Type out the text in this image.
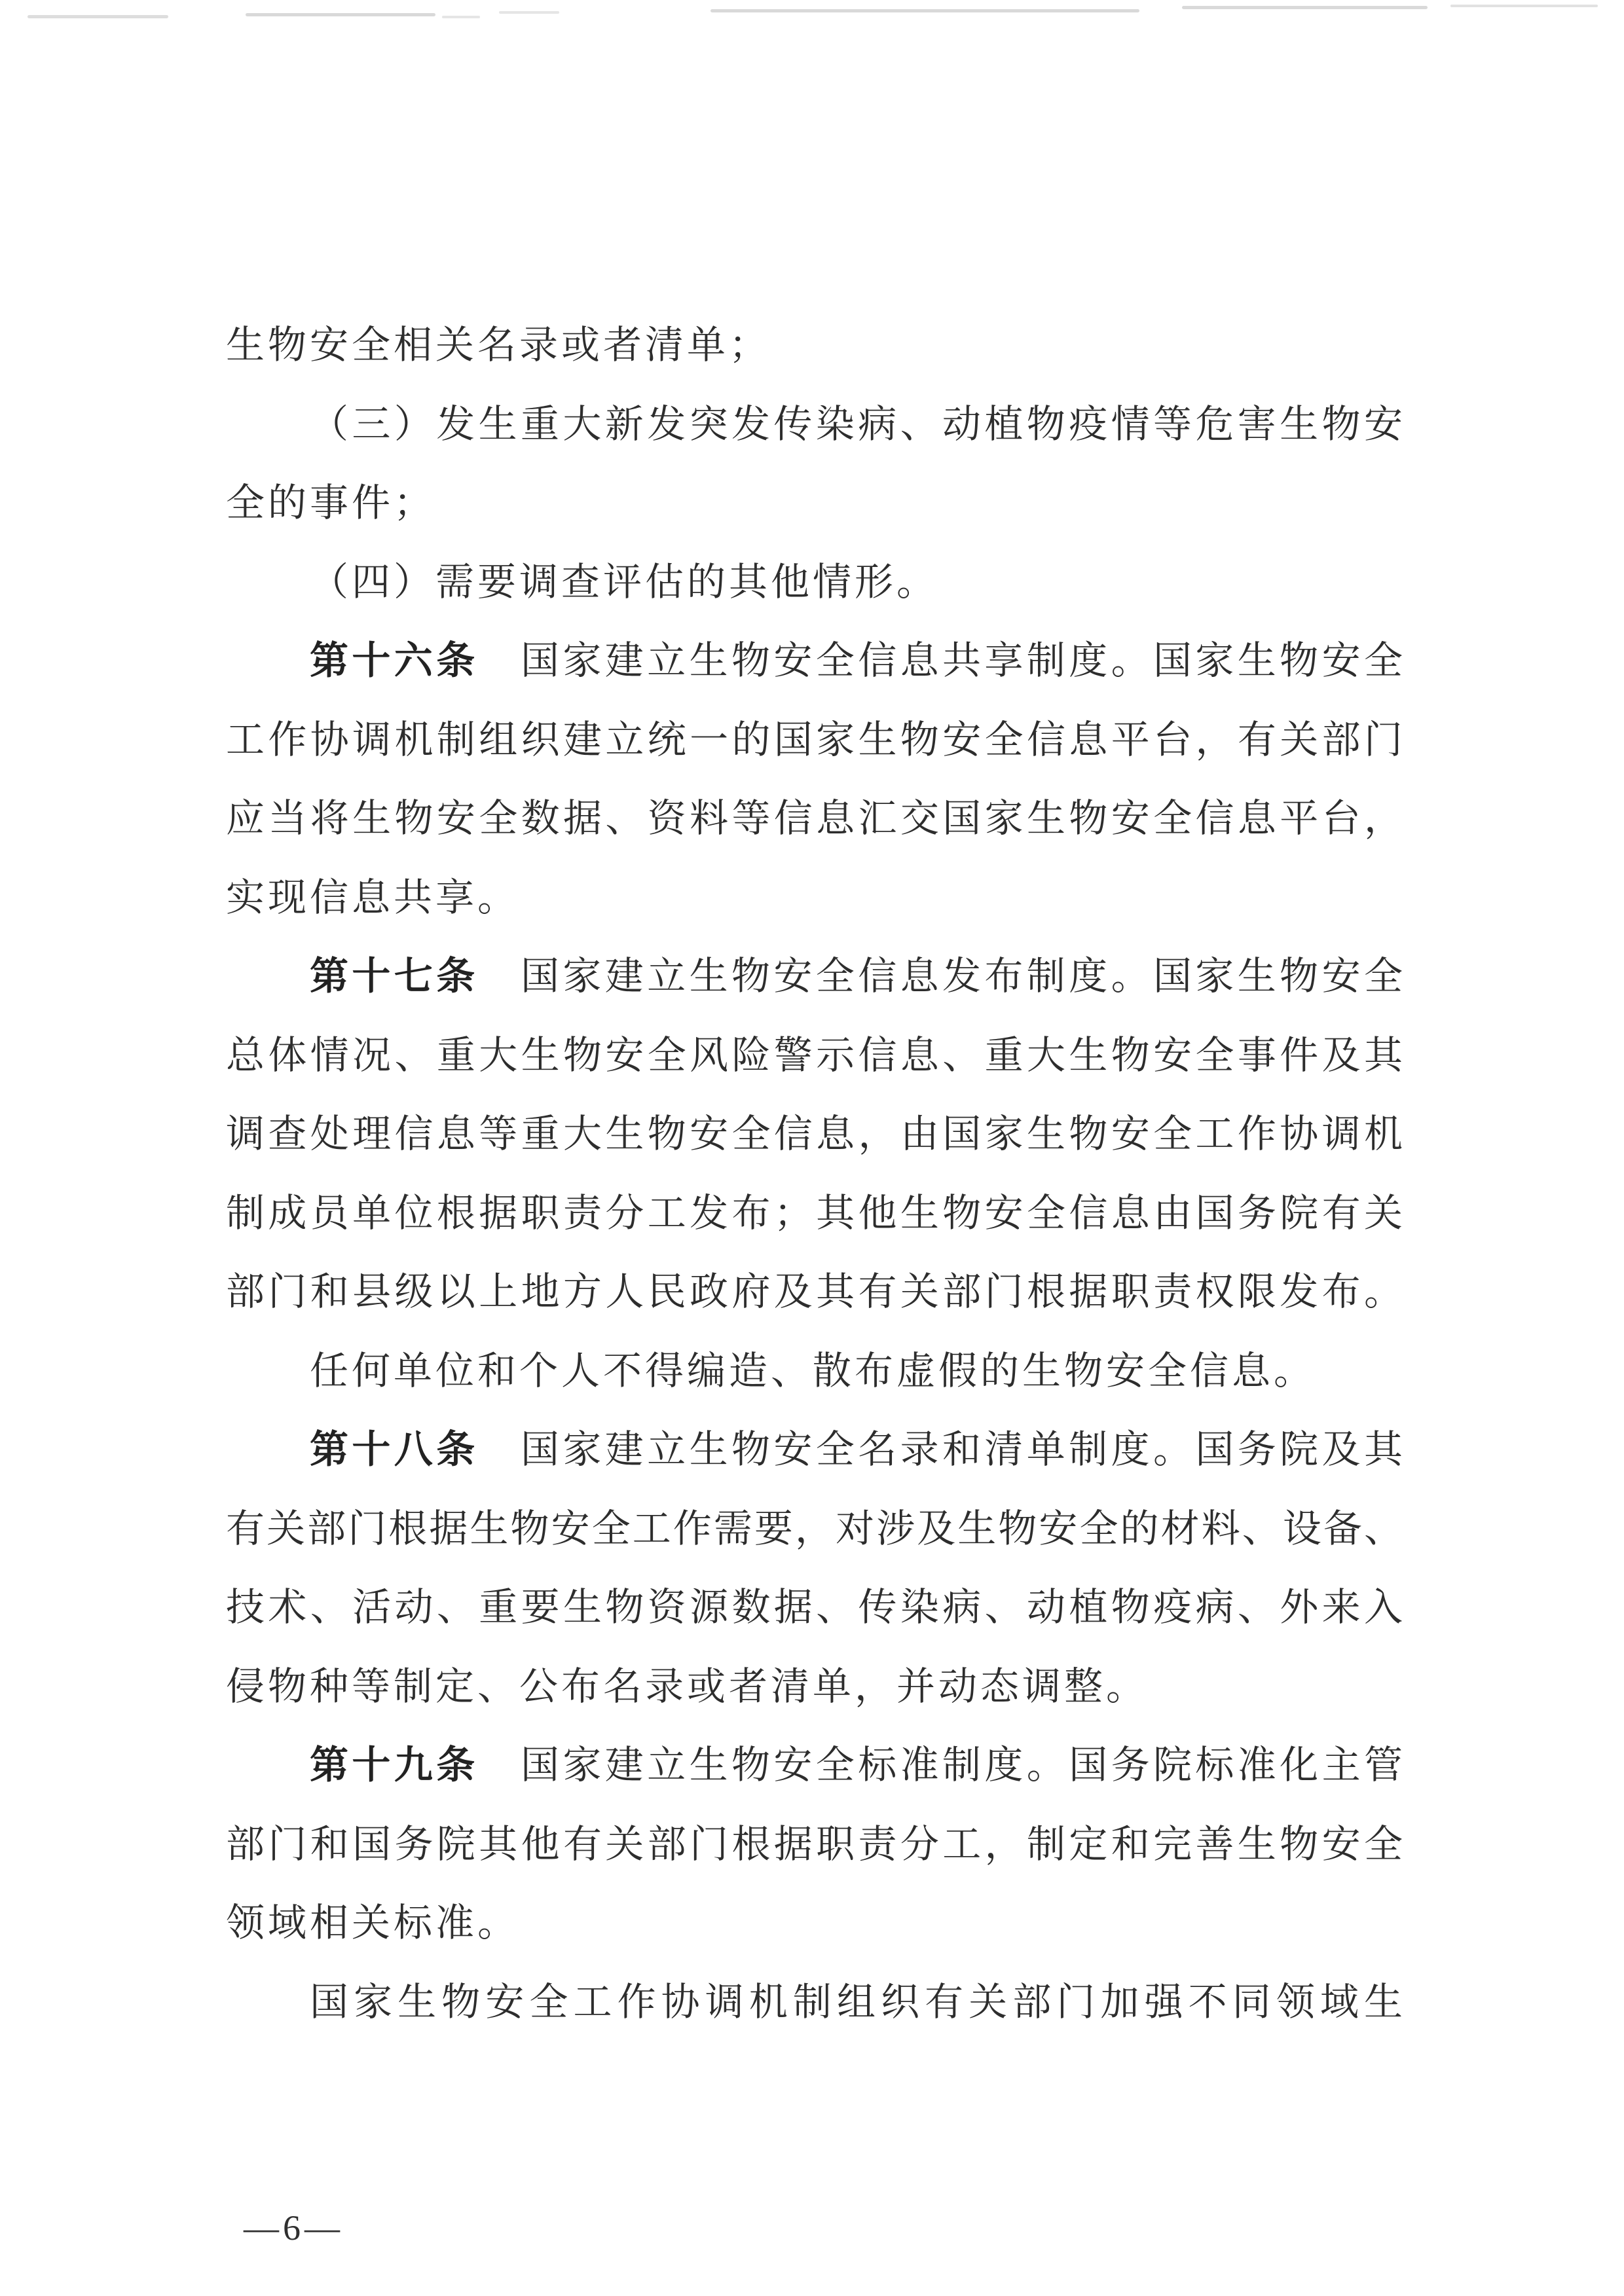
生物安全相关名录或者清单；
（三）发生重大新发突发传染病、动植物疫情等危害生物安
全的事件；
（四）需要调查评估的其他情形。
第十六条　国家建立生物安全信息共享制度。国家生物安全
工作协调机制组织建立统一的国家生物安全信息平台，有关部门
应当将生物安全数据、资料等信息汇交国家生物安全信息平台，
实现信息共享。
第十七条　国家建立生物安全信息发布制度。国家生物安全
总体情况、重大生物安全风险警示信息、重大生物安全事件及其
调查处理信息等重大生物安全信息，由国家生物安全工作协调机
制成员单位根据职责分工发布；其他生物安全信息由国务院有关
部门和县级以上地方人民政府及其有关部门根据职责权限发布。
任何单位和个人不得编造、散布虚假的生物安全信息。
第十八条　国家建立生物安全名录和清单制度。国务院及其
有关部门根据生物安全工作需要，对涉及生物安全的材料、设备、
技术、活动、重要生物资源数据、传染病、动植物疫病、外来入
侵物种等制定、公布名录或者清单，并动态调整。
第十九条　国家建立生物安全标准制度。国务院标准化主管
部门和国务院其他有关部门根据职责分工，制定和完善生物安全
领域相关标准。
国家生物安全工作协调机制组织有关部门加强不同领域生
—6—
